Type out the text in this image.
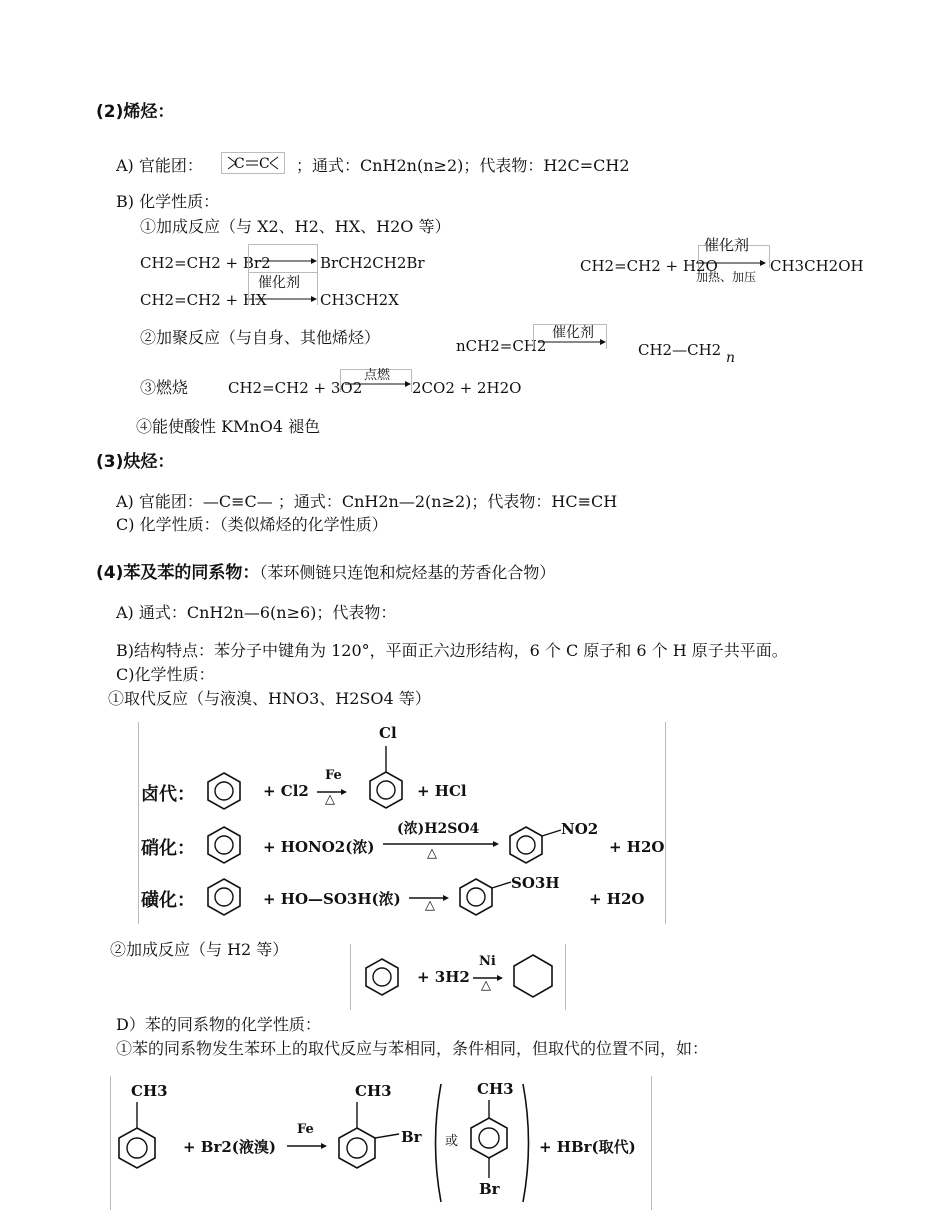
(2)烯烃：
A) 官能团： C C ；通式：CnH2n(n≥2)；代表物：H2C=CH2
B) 化学性质：
①加成反应（与 X2、H2、HX、H2O 等）
CH2=CH2 + Br2	BrCH2CH2Br
CH2=CH2 + HX
催化剂
CH3CH2X
CH2=CH2 + H2O
催化剂
加热、加压
CH3CH2OH
②加聚反应（与自身、其他烯烃）	nCH2=CH2
催化剂
CH2—CH2 n
③燃烧	CH2=CH2 + 3O2
点燃
2CO2 + 2H2O
④能使酸性 KMnO4 褪色
(3)炔烃：
A) 官能团：—C≡C— ；通式：CnH2n—2(n≥2)；代表物：HC≡CH
C) 化学性质：（类似烯烃的化学性质）
(4)苯及苯的同系物：（苯环侧链只连饱和烷烃基的芳香化合物）
A) 通式：CnH2n—6(n≥6)；代表物：
B)结构特点：苯分子中键角为 120°，平面正六边形结构，6 个 C 原子和 6 个 H 原子共平面。
C)化学性质：
①取代反应（与液溴、HNO3、H2SO4 等）
卤代：	+ Cl2
Fe
△
Cl
+ HCl
硝化：	+ HONO2(浓)
(浓)H2SO4
△
NO2
+ H2O
磺化：	+ HO—SO3H(浓) △
SO3H
+ H2O
②加成反应（与 H2 等）
+ 3H2
Ni
△
D）苯的同系物的化学性质：
①苯的同系物发生苯环上的取代反应与苯相同，条件相同，但取代的位置不同，如：
CH3
+ Br2(液溴)
Fe
CH3
Br 或
CH3
Br
+ HBr(取代)
